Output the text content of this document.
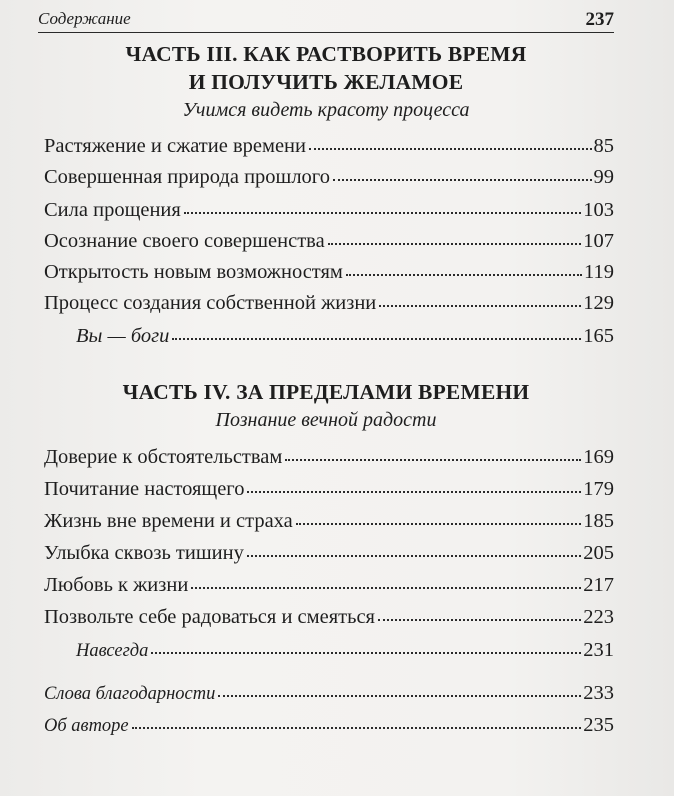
Содержание	237
ЧАСТЬ III. КАК РАСТВОРИТЬ ВРЕМЯ
И ПОЛУЧИТЬ ЖЕЛАМОЕ
Учимся видеть красоту процесса
Растяжение и сжатие времени	85
Совершенная природа прошлого	99
Сила прощения	103
Осознание своего совершенства	107
Открытость новым возможностям	119
Процесс создания собственной жизни	129
Вы — боги	165
ЧАСТЬ IV. ЗА ПРЕДЕЛАМИ ВРЕМЕНИ
Познание вечной радости
Доверие к обстоятельствам	169
Почитание настоящего	179
Жизнь вне времени и страха	185
Улыбка сквозь тишину	205
Любовь к жизни	217
Позвольте себе радоваться и смеяться	223
Навсегда	231
Слова благодарности	233
Об авторе	235
